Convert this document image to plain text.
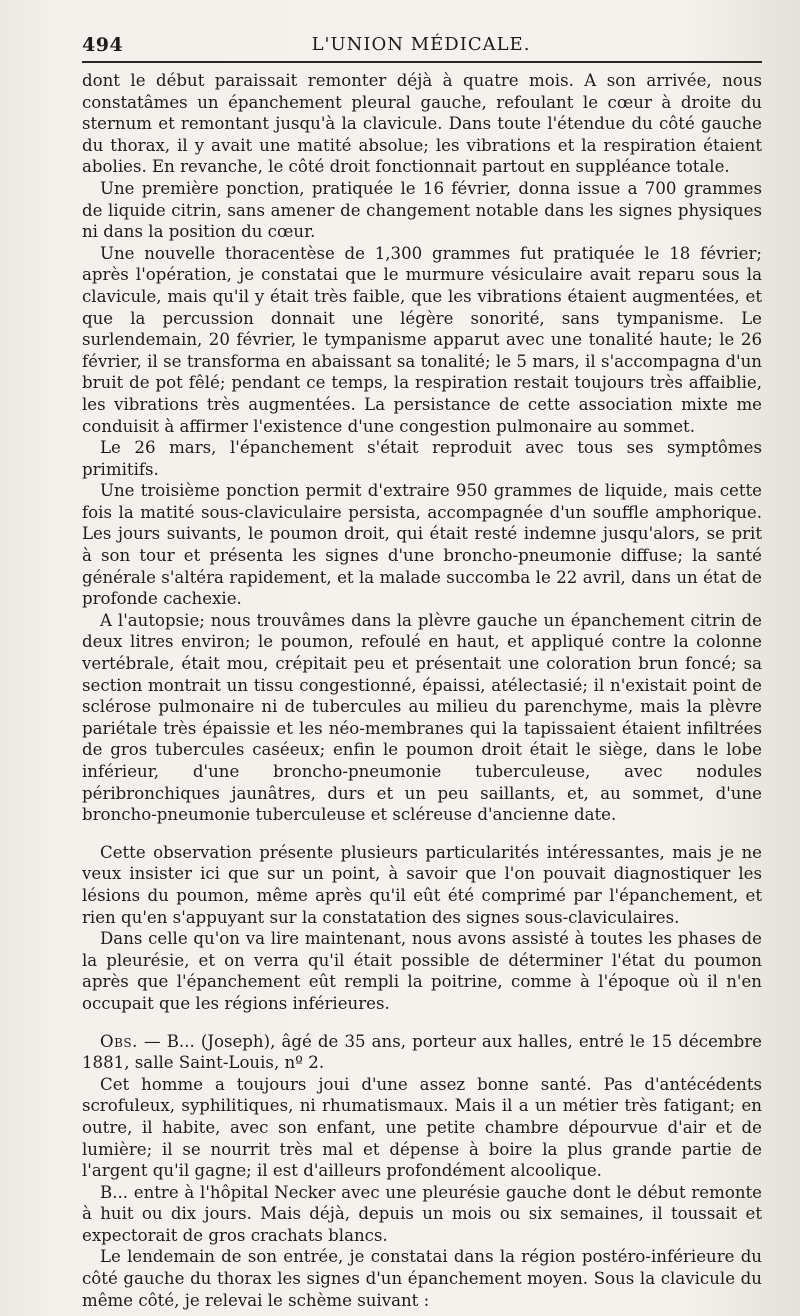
494	L'UNION MÉDICALE.

dont le début paraissait remonter déjà à quatre mois. A son arrivée, nous constatâmes un épanchement pleural gauche, refoulant le cœur à droite du sternum et remontant jusqu'à la clavicule. Dans toute l'étendue du côté gauche du thorax, il y avait une matité absolue; les vibrations et la respiration étaient abolies. En revanche, le côté droit fonctionnait partout en suppléance totale.

Une première ponction, pratiquée le 16 février, donna issue a 700 grammes de liquide citrin, sans amener de changement notable dans les signes physiques ni dans la position du cœur.

Une nouvelle thoracentèse de 1,300 grammes fut pratiquée le 18 février; après l'opération, je constatai que le murmure vésiculaire avait reparu sous la clavicule, mais qu'il y était très faible, que les vibrations étaient augmentées, et que la percussion donnait une légère sonorité, sans tympanisme. Le surlendemain, 20 février, le tympanisme apparut avec une tonalité haute; le 26 février, il se transforma en abaissant sa tonalité; le 5 mars, il s'accompagna d'un bruit de pot fêlé; pendant ce temps, la respiration restait toujours très affaiblie, les vibrations très augmentées. La persistance de cette association mixte me conduisit à affirmer l'existence d'une congestion pulmonaire au sommet.

Le 26 mars, l'épanchement s'était reproduit avec tous ses symptômes primitifs.

Une troisième ponction permit d'extraire 950 grammes de liquide, mais cette fois la matité sous-claviculaire persista, accompagnée d'un souffle amphorique. Les jours suivants, le poumon droit, qui était resté indemne jusqu'alors, se prit à son tour et présenta les signes d'une broncho-pneumonie diffuse; la santé générale s'altéra rapidement, et la malade succomba le 22 avril, dans un état de profonde cachexie.

A l'autopsie; nous trouvâmes dans la plèvre gauche un épanchement citrin de deux litres environ; le poumon, refoulé en haut, et appliqué contre la colonne vertébrale, était mou, crépitait peu et présentait une coloration brun foncé; sa section montrait un tissu congestionné, épaissi, atélectasié; il n'existait point de sclérose pulmonaire ni de tubercules au milieu du parenchyme, mais la plèvre pariétale très épaissie et les néo-membranes qui la tapissaient étaient infiltrées de gros tubercules caséeux; enfin le poumon droit était le siège, dans le lobe inférieur, d'une broncho-pneumonie tuberculeuse, avec nodules péribronchiques jaunâtres, durs et un peu saillants, et, au sommet, d'une broncho-pneumonie tuberculeuse et scléreuse d'ancienne date.

Cette observation présente plusieurs particularités intéressantes, mais je ne veux insister ici que sur un point, à savoir que l'on pouvait diagnostiquer les lésions du poumon, même après qu'il eût été comprimé par l'épanchement, et rien qu'en s'appuyant sur la constatation des signes sous-claviculaires.

Dans celle qu'on va lire maintenant, nous avons assisté à toutes les phases de la pleurésie, et on verra qu'il était possible de déterminer l'état du poumon après que l'épanchement eût rempli la poitrine, comme à l'époque où il n'en occupait que les régions inférieures.

Obs. — B... (Joseph), âgé de 35 ans, porteur aux halles, entré le 15 décembre 1881, salle Saint-Louis, nº 2.

Cet homme a toujours joui d'une assez bonne santé. Pas d'antécédents scrofuleux, syphilitiques, ni rhumatismaux. Mais il a un métier très fatigant; en outre, il habite, avec son enfant, une petite chambre dépourvue d'air et de lumière; il se nourrit très mal et dépense à boire la plus grande partie de l'argent qu'il gagne; il est d'ailleurs profondément alcoolique.

B... entre à l'hôpital Necker avec une pleurésie gauche dont le début remonte à huit ou dix jours. Mais déjà, depuis un mois ou six semaines, il toussait et expectorait de gros crachats blancs.

Le lendemain de son entrée, je constatai dans la région postéro-inférieure du côté gauche du thorax les signes d'un épanchement moyen. Sous la clavicule du même côté, je relevai le schème suivant :
